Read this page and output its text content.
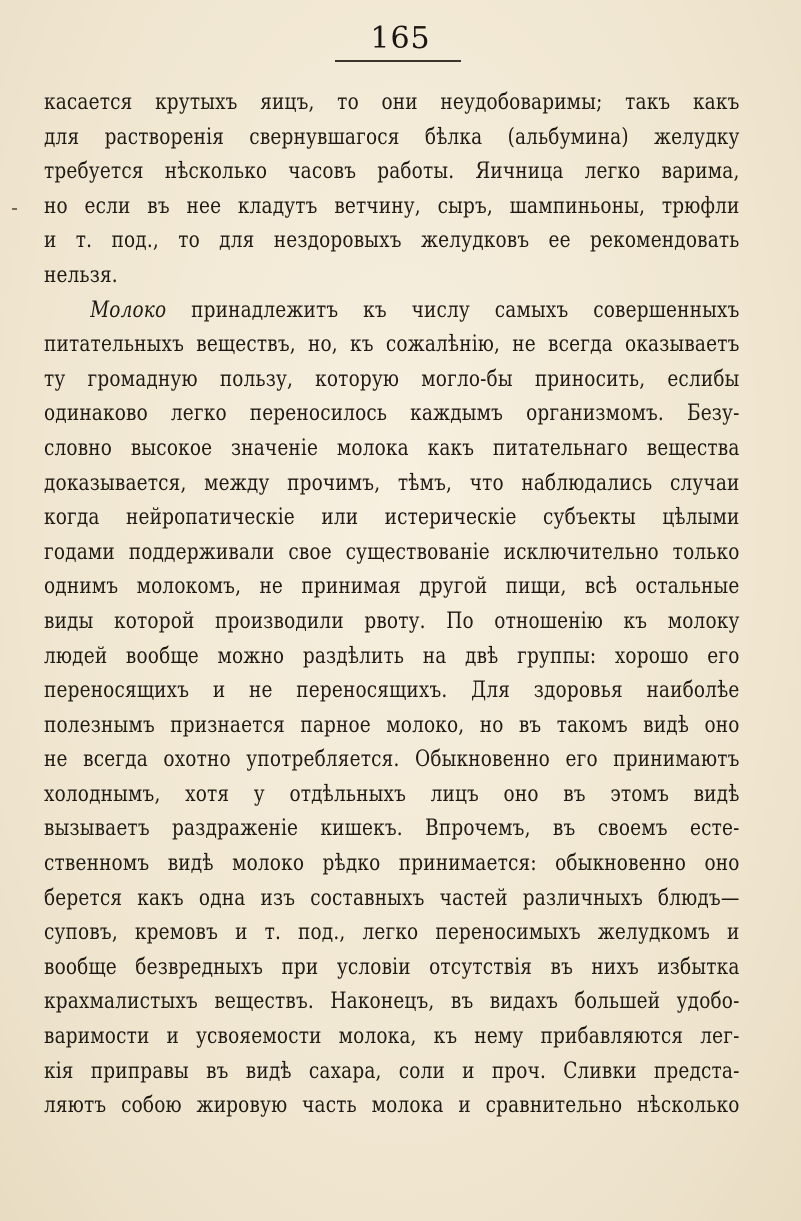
165
касается крутыхъ яицъ, то они неудобоваримы; такъ какъ
для растворенія свернувшагося бѣлка (альбумина) желудку
требуется нѣсколько часовъ работы. Яичница легко варима,
но если въ нее кладутъ ветчину, сыръ, шампиньоны, трюфли
и т. под., то для нездоровыхъ желудковъ ее рекомендовать
нельзя.
Молоко принадлежитъ къ числу самыхъ совершенныхъ
питательныхъ веществъ, но, къ сожалѣнію, не всегда оказываетъ
ту громадную пользу, которую могло-бы приносить, еслибы
одинаково легко переносилось каждымъ организмомъ. Безу-
словно высокое значеніе молока какъ питательнаго вещества
доказывается, между прочимъ, тѣмъ, что наблюдались случаи
когда нейропатическіе или истерическіе субъекты цѣлыми
годами поддерживали свое существованіе исключительно только
однимъ молокомъ, не принимая другой пищи, всѣ остальные
виды которой производили рвоту. По отношенію къ молоку
людей вообще можно раздѣлить на двѣ группы: хорошо его
переносящихъ и не переносящихъ. Для здоровья наиболѣе
полезнымъ признается парное молоко, но въ такомъ видѣ оно
не всегда охотно употребляется. Обыкновенно его принимаютъ
холоднымъ, хотя у отдѣльныхъ лицъ оно въ этомъ видѣ
вызываетъ раздраженіе кишекъ. Впрочемъ, въ своемъ есте-
ственномъ видѣ молоко рѣдко принимается: обыкновенно оно
берется какъ одна изъ составныхъ частей различныхъ блюдъ—
суповъ, кремовъ и т. под., легко переносимыхъ желудкомъ и
вообще безвредныхъ при условіи отсутствія въ нихъ избытка
крахмалистыхъ веществъ. Наконецъ, въ видахъ большей удобо-
варимости и усвояемости молока, къ нему прибавляются лег-
кія приправы въ видѣ сахара, соли и проч. Сливки предста-
ляютъ собою жировую часть молока и сравнительно нѣсколько
